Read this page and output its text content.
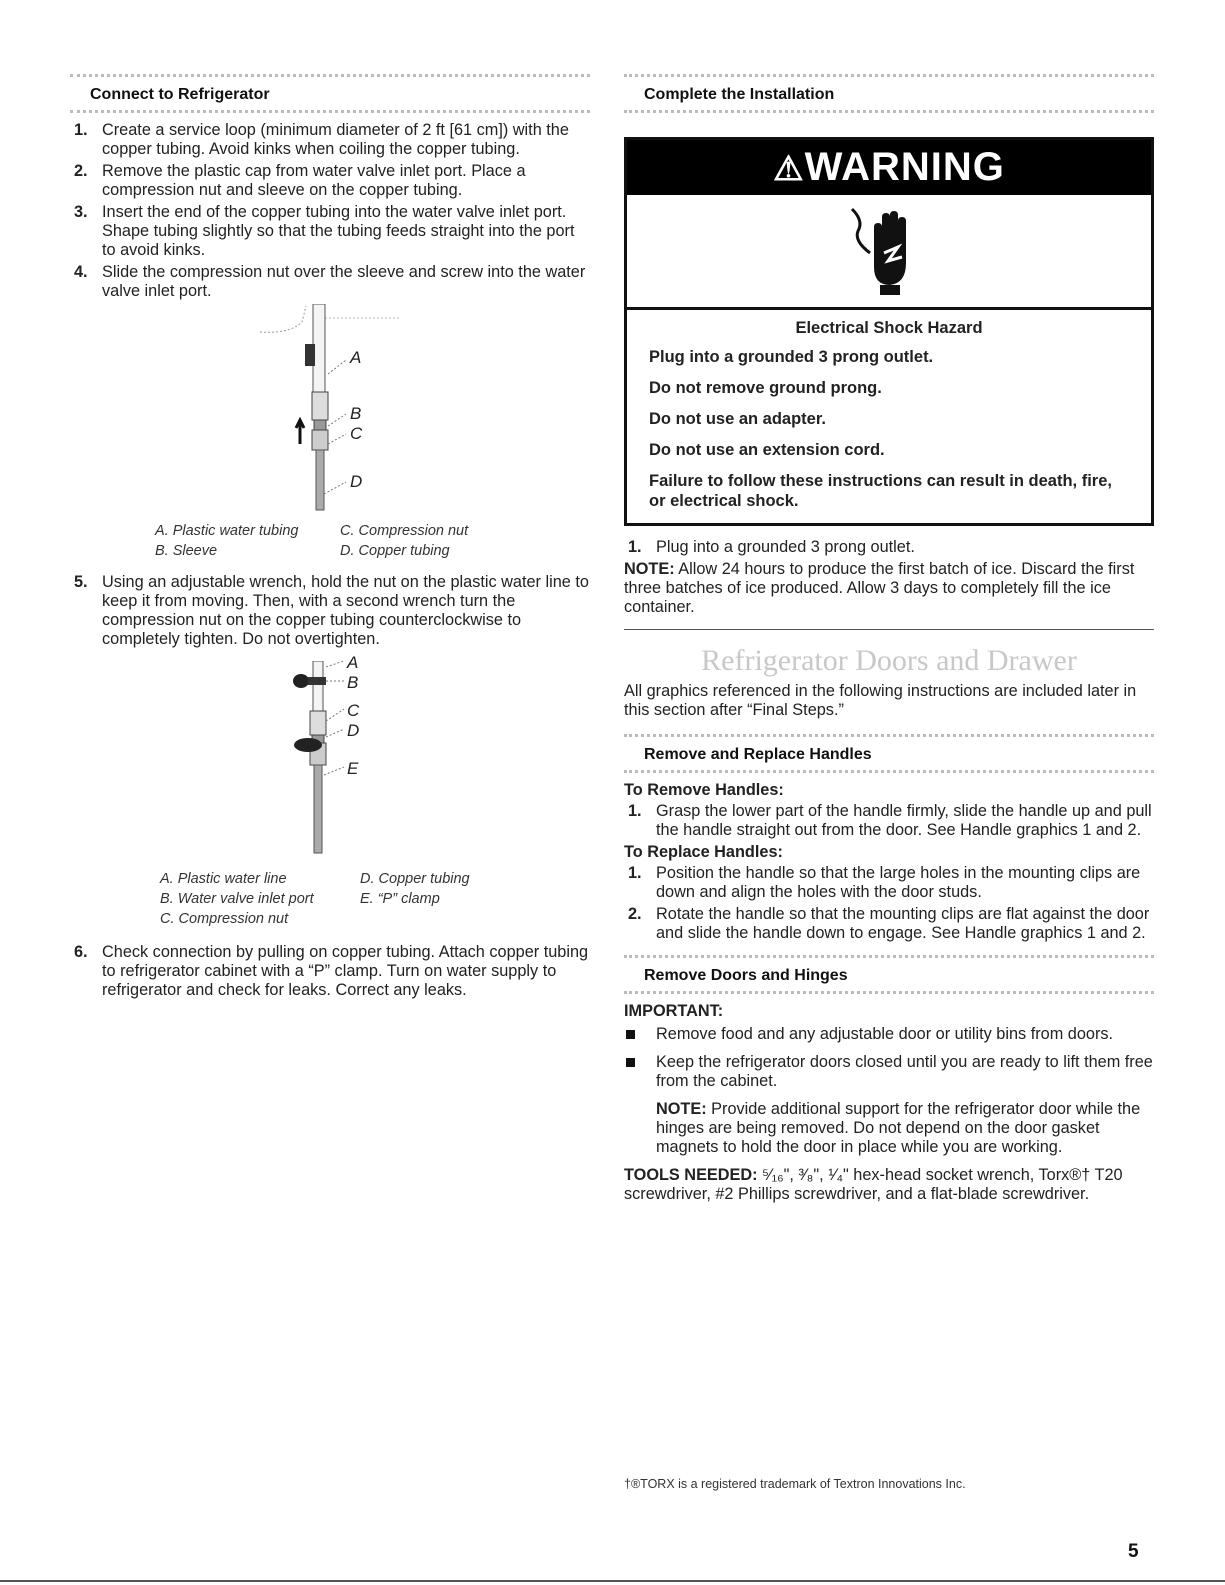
Connect to Refrigerator
1. Create a service loop (minimum diameter of 2 ft [61 cm]) with the copper tubing. Avoid kinks when coiling the copper tubing.
2. Remove the plastic cap from water valve inlet port. Place a compression nut and sleeve on the copper tubing.
3. Insert the end of the copper tubing into the water valve inlet port. Shape tubing slightly so that the tubing feeds straight into the port to avoid kinks.
4. Slide the compression nut over the sleeve and screw into the water valve inlet port.
A
B
C
D
A. Plastic water tubing	C. Compression nut
B. Sleeve	D. Copper tubing
5. Using an adjustable wrench, hold the nut on the plastic water line to keep it from moving. Then, with a second wrench turn the compression nut on the copper tubing counterclockwise to completely tighten. Do not overtighten.
A
B
C
D
E
A. Plastic water line	D. Copper tubing
B. Water valve inlet port	E. “P” clamp
C. Compression nut
6. Check connection by pulling on copper tubing. Attach copper tubing to refrigerator cabinet with a “P” clamp. Turn on water supply to refrigerator and check for leaks. Correct any leaks.
Complete the Installation
⚠WARNING
Electrical Shock Hazard

Plug into a grounded 3 prong outlet.

Do not remove ground prong.

Do not use an adapter.

Do not use an extension cord.

Failure to follow these instructions can result in death, fire, or electrical shock.

1. Plug into a grounded 3 prong outlet.

NOTE: Allow 24 hours to produce the first batch of ice. Discard the first three batches of ice produced. Allow 3 days to completely fill the ice container.

Refrigerator Doors and Drawer

All graphics referenced in the following instructions are included later in this section after “Final Steps.”

Remove and Replace Handles

To Remove Handles:

1. Grasp the lower part of the handle firmly, slide the handle up and pull the handle straight out from the door. See Handle graphics 1 and 2.

To Replace Handles:

1. Position the handle so that the large holes in the mounting clips are down and align the holes with the door studs.
2. Rotate the handle so that the mounting clips are flat against the door and slide the handle down to engage. See Handle graphics 1 and 2.
Remove Doors and Hinges

IMPORTANT:

Remove food and any adjustable door or utility bins from doors.
Keep the refrigerator doors closed until you are ready to lift them free from the cabinet.

NOTE: Provide additional support for the refrigerator door while the hinges are being removed. Do not depend on the door gasket magnets to hold the door in place while you are working.

TOOLS NEEDED: ⁵⁄₁₆", ³⁄₈", ¹⁄₄" hex-head socket wrench, Torx®† T20 screwdriver, #2 Phillips screwdriver, and a flat-blade screwdriver.

†®TORX is a registered trademark of Textron Innovations Inc.
5
